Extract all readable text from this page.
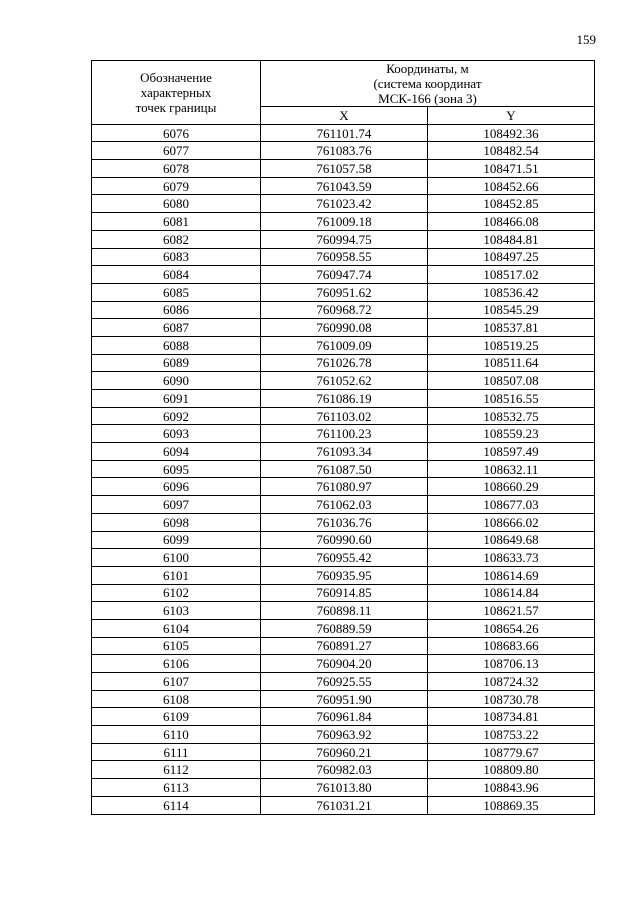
159
Обозначение
характерных
точек границы	Координаты, м
(система координат
МСК-166 (зона 3)	

	X	Y
6076	761101.74	108492.36
6077	761083.76	108482.54
6078	761057.58	108471.51
6079	761043.59	108452.66
6080	761023.42	108452.85
6081	761009.18	108466.08
6082	760994.75	108484.81
6083	760958.55	108497.25
6084	760947.74	108517.02
6085	760951.62	108536.42
6086	760968.72	108545.29
6087	760990.08	108537.81
6088	761009.09	108519.25
6089	761026.78	108511.64
6090	761052.62	108507.08
6091	761086.19	108516.55
6092	761103.02	108532.75
6093	761100.23	108559.23
6094	761093.34	108597.49
6095	761087.50	108632.11
6096	761080.97	108660.29
6097	761062.03	108677.03
6098	761036.76	108666.02
6099	760990.60	108649.68
6100	760955.42	108633.73
6101	760935.95	108614.69
6102	760914.85	108614.84
6103	760898.11	108621.57
6104	760889.59	108654.26
6105	760891.27	108683.66
6106	760904.20	108706.13
6107	760925.55	108724.32
6108	760951.90	108730.78
6109	760961.84	108734.81
6110	760963.92	108753.22
6111	760960.21	108779.67
6112	760982.03	108809.80
6113	761013.80	108843.96
6114	761031.21	108869.35
